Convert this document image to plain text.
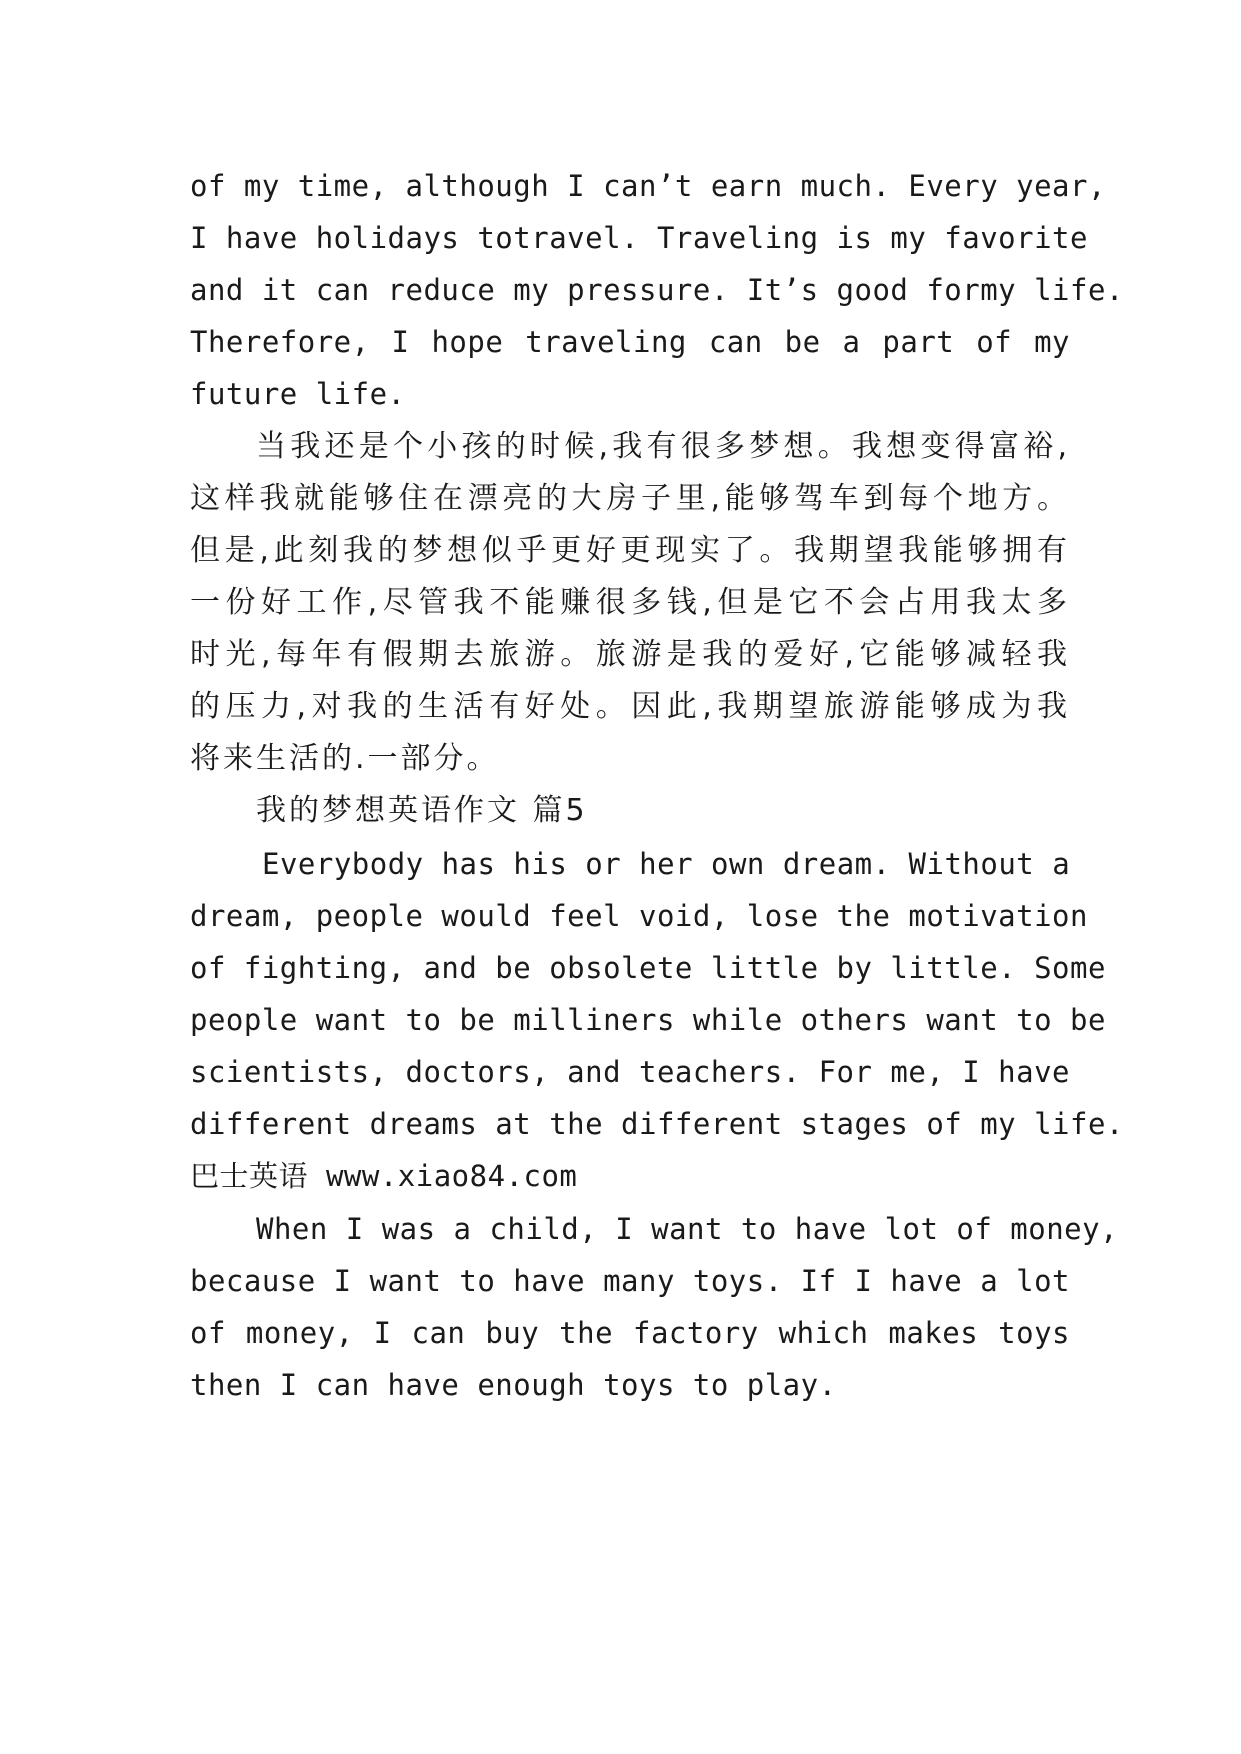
of my time, although I can’t earn much. Every year,
I have holidays totravel. Traveling is my favorite
and it can reduce my pressure. It’s good formy life.
Therefore, I hope traveling can be a part of my
future life.
当我还是个小孩的时候,我有很多梦想。我想变得富裕,
这样我就能够住在漂亮的大房子里,能够驾车到每个地方。
但是,此刻我的梦想似乎更好更现实了。我期望我能够拥有
一份好工作,尽管我不能赚很多钱,但是它不会占用我太多
时光,每年有假期去旅游。旅游是我的爱好,它能够减轻我
的压力,对我的生活有好处。因此,我期望旅游能够成为我
将来生活的.一部分。
我的梦想英语作文 篇5
Everybody has his or her own dream. Without a
dream, people would feel void, lose the motivation
of fighting, and be obsolete little by little. Some
people want to be milliners while others want to be
scientists, doctors, and teachers. For me, I have
different dreams at the different stages of my life.
巴士英语 www.xiao84.com
When I was a child, I want to have lot of money,
because I want to have many toys. If I have a lot
of money, I can buy the factory which makes toys
then I can have enough toys to play.
